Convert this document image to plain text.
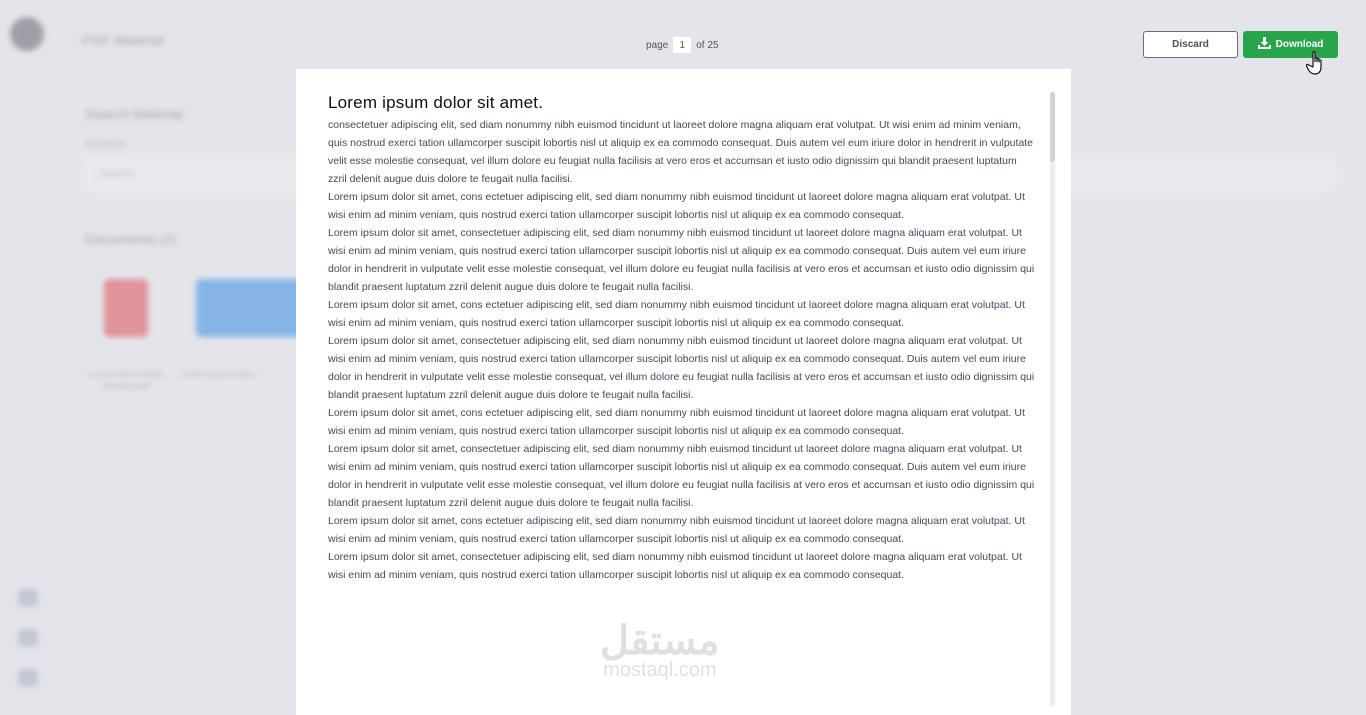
PDF Material
Search Material
Keyword
Search
Documents (2)
Lorem Ipsum dolor sit amet.pdf
Lorem Ipsum.docx
page
1	of 25	Discard	Download
Lorem ipsum dolor sit amet.

consectetuer adipiscing elit, sed diam nonummy nibh euismod tincidunt ut laoreet dolore magna aliquam erat volutpat. Ut wisi enim ad minim veniam, quis nostrud exerci tation ullamcorper suscipit lobortis nisl ut aliquip ex ea commodo consequat. Duis autem vel eum iriure dolor in hendrerit in vulputate velit esse molestie consequat, vel illum dolore eu feugiat nulla facilisis at vero eros et accumsan et iusto odio dignissim qui blandit praesent luptatum zzril delenit augue duis dolore te feugait nulla facilisi.

Lorem ipsum dolor sit amet, cons ectetuer adipiscing elit, sed diam nonummy nibh euismod tincidunt ut laoreet dolore magna aliquam erat volutpat. Ut wisi enim ad minim veniam, quis nostrud exerci tation ullamcorper suscipit lobortis nisl ut aliquip ex ea commodo consequat.

Lorem ipsum dolor sit amet, consectetuer adipiscing elit, sed diam nonummy nibh euismod tincidunt ut laoreet dolore magna aliquam erat volutpat. Ut wisi enim ad minim veniam, quis nostrud exerci tation ullamcorper suscipit lobortis nisl ut aliquip ex ea commodo consequat. Duis autem vel eum iriure dolor in hendrerit in vulputate velit esse molestie consequat, vel illum dolore eu feugiat nulla facilisis at vero eros et accumsan et iusto odio dignissim qui blandit praesent luptatum zzril delenit augue duis dolore te feugait nulla facilisi.

Lorem ipsum dolor sit amet, cons ectetuer adipiscing elit, sed diam nonummy nibh euismod tincidunt ut laoreet dolore magna aliquam erat volutpat. Ut wisi enim ad minim veniam, quis nostrud exerci tation ullamcorper suscipit lobortis nisl ut aliquip ex ea commodo consequat.

Lorem ipsum dolor sit amet, consectetuer adipiscing elit, sed diam nonummy nibh euismod tincidunt ut laoreet dolore magna aliquam erat volutpat. Ut wisi enim ad minim veniam, quis nostrud exerci tation ullamcorper suscipit lobortis nisl ut aliquip ex ea commodo consequat. Duis autem vel eum iriure dolor in hendrerit in vulputate velit esse molestie consequat, vel illum dolore eu feugiat nulla facilisis at vero eros et accumsan et iusto odio dignissim qui blandit praesent luptatum zzril delenit augue duis dolore te feugait nulla facilisi.

Lorem ipsum dolor sit amet, cons ectetuer adipiscing elit, sed diam nonummy nibh euismod tincidunt ut laoreet dolore magna aliquam erat volutpat. Ut wisi enim ad minim veniam, quis nostrud exerci tation ullamcorper suscipit lobortis nisl ut aliquip ex ea commodo consequat.

Lorem ipsum dolor sit amet, consectetuer adipiscing elit, sed diam nonummy nibh euismod tincidunt ut laoreet dolore magna aliquam erat volutpat. Ut wisi enim ad minim veniam, quis nostrud exerci tation ullamcorper suscipit lobortis nisl ut aliquip ex ea commodo consequat. Duis autem vel eum iriure dolor in hendrerit in vulputate velit esse molestie consequat, vel illum dolore eu feugiat nulla facilisis at vero eros et accumsan et iusto odio dignissim qui blandit praesent luptatum zzril delenit augue duis dolore te feugait nulla facilisi.

Lorem ipsum dolor sit amet, cons ectetuer adipiscing elit, sed diam nonummy nibh euismod tincidunt ut laoreet dolore magna aliquam erat volutpat. Ut wisi enim ad minim veniam, quis nostrud exerci tation ullamcorper suscipit lobortis nisl ut aliquip ex ea commodo consequat.

Lorem ipsum dolor sit amet, consectetuer adipiscing elit, sed diam nonummy nibh euismod tincidunt ut laoreet dolore magna aliquam erat volutpat. Ut wisi enim ad minim veniam, quis nostrud exerci tation ullamcorper suscipit lobortis nisl ut aliquip ex ea commodo consequat.

مستقل
mostaql.com
